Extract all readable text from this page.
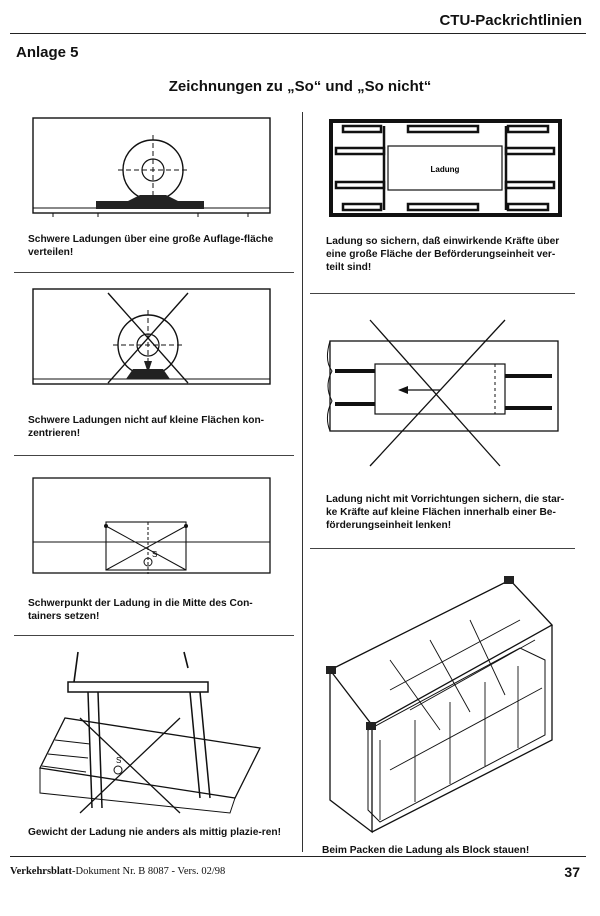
CTU-Packrichtlinien
Anlage 5
Zeichnungen zu „So“ und „So nicht“
Schwere Ladungen über eine große Auflage-fläche verteilen!
Ladung
Ladung so sichern, daß einwirkende Kräfte über eine große Fläche der Beförderungseinheit ver-teilt sind!
Schwere Ladungen nicht auf kleine Flächen kon-zentrieren!
Ladung nicht mit Vorrichtungen sichern, die star-ke Kräfte auf kleine Flächen innerhalb einer Be-förderungseinheit lenken!
S
Schwerpunkt der Ladung in die Mitte des Con-tainers setzen!
S
Gewicht der Ladung nie anders als mittig plazie-ren!
Beim Packen die Ladung als Block stauen!
Verkehrsblatt-Dokument Nr. B 8087 - Vers. 02/98	37
